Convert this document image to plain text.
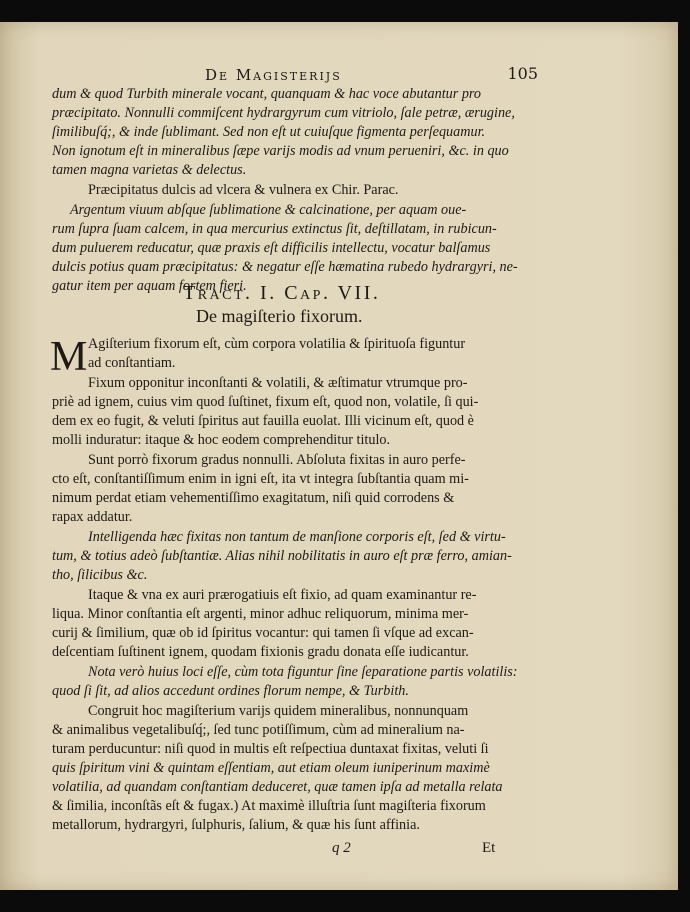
De Magisterijs	105
dum & quod Turbith minerale vocant, quanquam & hac voce abutantur pro
præcipitato. Nonnulli commiſcent hydrargyrum cum vitriolo, ſale petræ, ærugine,
ſimilibuſq́;, & inde ſublimant. Sed non eſt ut cuiuſque figmenta perſequamur.
Non ignotum eſt in mineralibus ſæpe varijs modis ad vnum perueniri, &c. in quo
tamen magna varietas & delectus.
Præcipitatus dulcis ad vlcera & vulnera ex Chir. Parac.
Argentum viuum abſque ſublimatione & calcinatione, per aquam oue-
rum ſupra ſuam calcem, in qua mercurius extinctus ſit, deſtillatam, in rubicun-
dum puluerem reducatur, quæ praxis eſt difficilis intellectu, vocatur balſamus
dulcis potius quam præcipitatus: & negatur eſſe hæmatina rubedo hydrargyri, ne-
gatur item per aquam fortem fieri.
Tract. I. Cap. VII.
De magiſterio fixorum.
M Agiſterium fixorum eſt, cùm corpora volatilia & ſpirituoſa figuntur
ad conſtantiam.
Fixum opponitur inconſtanti & volatili, & æſtimatur vtrumque pro-
priè ad ignem, cuius vim quod ſuſtinet, fixum eſt, quod non, volatile, ſi qui-
dem ex eo fugit, & veluti ſpiritus aut fauilla euolat. Illi vicinum eſt, quod è
molli induratur: itaque & hoc eodem comprehenditur titulo.
Sunt porrò fixorum gradus nonnulli. Abſoluta fixitas in auro perfe-
cto eſt, conſtantiſſimum enim in igni eſt, ita vt integra ſubſtantia quam mi-
nimum perdat etiam vehementiſſimo exagitatum, niſi quid corrodens &
rapax addatur.
Intelligenda hæc fixitas non tantum de manſione corporis eſt, ſed & virtu-
tum, & totius adeò ſubſtantiæ. Alias nihil nobilitatis in auro eſt præ ferro, amian-
tho, ſilicibus &c.
Itaque & vna ex auri prærogatiuis eſt fixio, ad quam examinantur re-
liqua. Minor conſtantia eſt argenti, minor adhuc reliquorum, minima mer-
curij & ſimilium, quæ ob id ſpiritus vocantur: qui tamen ſi vſque ad excan-
deſcentiam ſuſtinent ignem, quodam fixionis gradu donata eſſe iudicantur.
Nota verò huius loci eſſe, cùm tota figuntur ſine ſeparatione partis volatilis:
quod ſi ſit, ad alios accedunt ordines florum nempe, & Turbith.
Congruit hoc magiſterium varijs quidem mineralibus, nonnunquam
& animalibus vegetalibuſq́;, ſed tunc potiſſimum, cùm ad mineralium na-
turam perducuntur: niſi quod in multis eſt reſpectiua duntaxat fixitas, veluti ſi
quis ſpiritum vini & quintam eſſentiam, aut etiam oleum iuniperinum maximè
volatilia, ad quandam conſtantiam deduceret, quæ tamen ipſa ad metalla relata
& ſimilia, inconſtãs eſt & fugax.) At maximè illuſtria ſunt magiſteria fixorum
metallorum, hydrargyri, ſulphuris, ſalium, & quæ his ſunt affinia.
q 2	Et
